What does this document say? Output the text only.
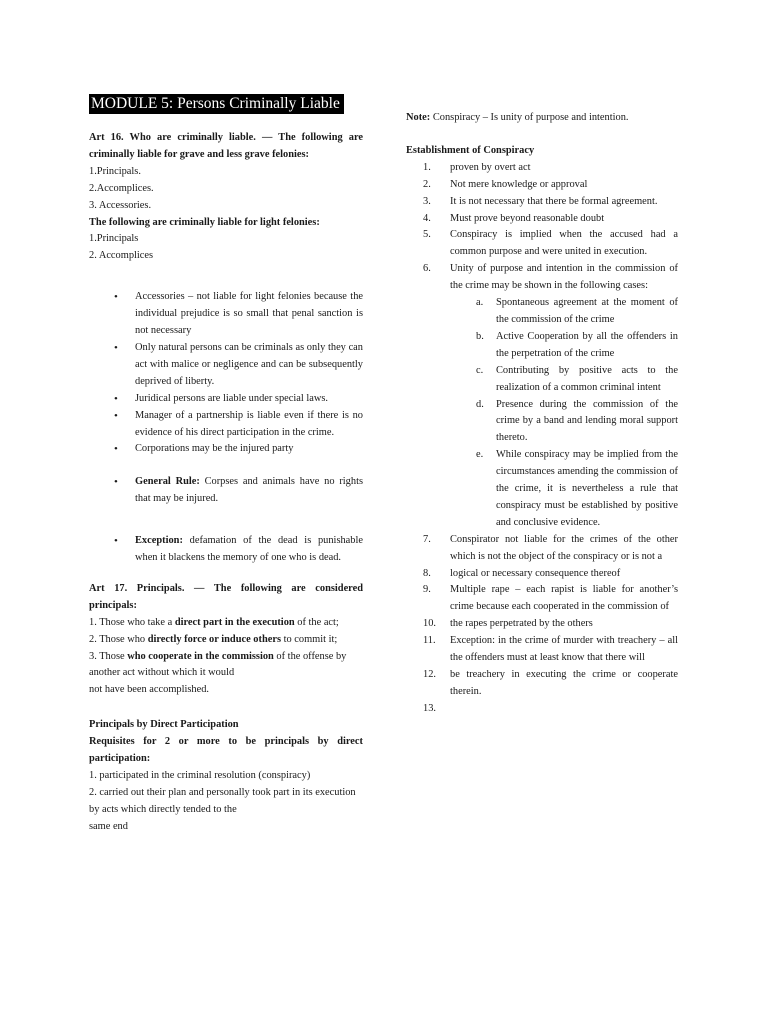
MODULE 5: Persons Criminally Liable

Art 16. Who are criminally liable. — The following are criminally liable for grave and less grave felonies:

1.Principals.

2.Accomplices.

3. Accessories.

The following are criminally liable for light felonies:

1.Principals

2. Accomplices

• Accessories – not liable for light felonies because the individual prejudice is so small that penal sanction is not necessary
• Only natural persons can be criminals as only they can act with malice or negligence and can be subsequently deprived of liberty.
• Juridical persons are liable under special laws.
• Manager of a partnership is liable even if there is no evidence of his direct participation in the crime.
• Corporations may be the injured party
• General Rule: Corpses and animals have no rights that may be injured.
• Exception: defamation of the dead is punishable when it blackens the memory of one who is dead.

Art 17. Principals. — The following are considered principals:

1. Those who take a direct part in the execution of the act;

2. Those who directly force or induce others to commit it;

3. Those who cooperate in the commission of the offense by another act without which it would

not have been accomplished.

Principals by Direct Participation

Requisites for 2 or more to be principals by direct participation:

1. participated in the criminal resolution (conspiracy)

2. carried out their plan and personally took part in its execution by acts which directly tended to the

same end

Note: Conspiracy – Is unity of purpose and intention.

Establishment of Conspiracy

1. proven by overt act
2. Not mere knowledge or approval
3. It is not necessary that there be formal agreement.
4. Must prove beyond reasonable doubt
5. Conspiracy is implied when the accused had a common purpose and were united in execution.
6. Unity of purpose and intention in the commission of the crime may be shown in the following cases:
a. Spontaneous agreement at the moment of the commission of the crime
b. Active Cooperation by all the offenders in the perpetration of the crime
c. Contributing by positive acts to the realization of a common criminal intent
d. Presence during the commission of the crime by a band and lending moral support thereto.
e. While conspiracy may be implied from the circumstances amending the commission of the crime, it is nevertheless a rule that conspiracy must be established by positive and conclusive evidence.
7. Conspirator not liable for the crimes of the other which is not the object of the conspiracy or is not a
8. logical or necessary consequence thereof
9. Multiple rape – each rapist is liable for another’s crime because each cooperated in the commission of
10. the rapes perpetrated by the others
11. Exception: in the crime of murder with treachery – all the offenders must at least know that there will
12. be treachery in executing the crime or cooperate therein.
13.
